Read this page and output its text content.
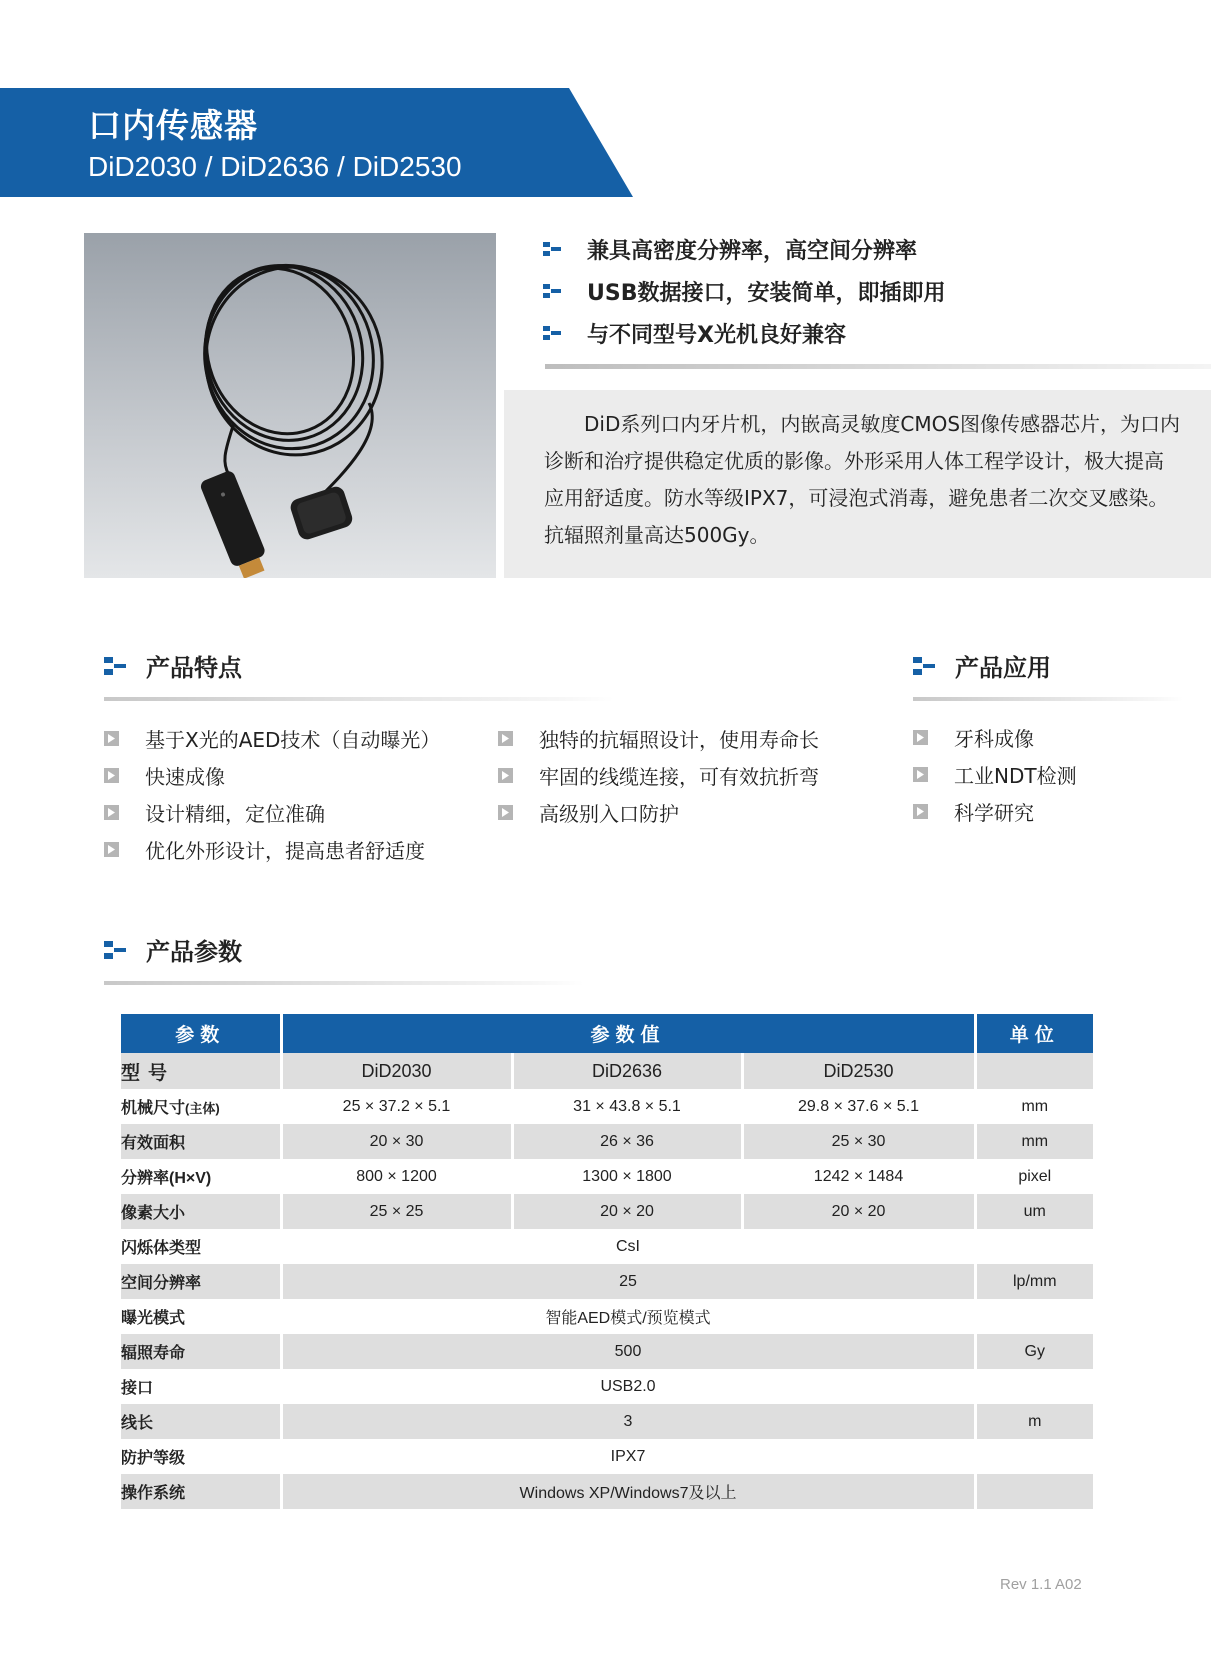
口内传感器
DiD2030 / DiD2636 / DiD2530
兼具高密度分辨率，高空间分辨率
USB数据接口，安装简单，即插即用
与不同型号X光机良好兼容
DiD系列口内牙片机，内嵌高灵敏度CMOS图像传感器芯片，为口内诊断和治疗提供稳定优质的影像。外形采用人体工程学设计，极大提高应用舒适度。防水等级IPX7，可浸泡式消毒，避免患者二次交叉感染。抗辐照剂量高达500Gy。
产品特点	产品应用
基于X光的AED技术（自动曝光）
快速成像
设计精细，定位准确
优化外形设计，提高患者舒适度
独特的抗辐照设计，使用寿命长
牢固的线缆连接，可有效抗折弯
高级别入口防护
牙科成像
工业NDT检测
科学研究
产品参数
参数	参数值			单位
型号	DiD2030	DiD2636	DiD2530	
机械尺寸(主体)	25 × 37.2 × 5.1	31 × 43.8 × 5.1	29.8 × 37.6 × 5.1	mm
有效面积	20 × 30	26 × 36	25 × 30	mm
分辨率(H×V)	800 × 1200	1300 × 1800	1242 × 1484	pixel
像素大小	25 × 25	20 × 20	20 × 20	um
闪烁体类型	CsI			
空间分辨率	25			lp/mm
曝光模式	智能AED模式/预览模式			
辐照寿命	500			Gy
接口	USB2.0			
线长	3			m
防护等级	IPX7			
操作系统	Windows XP/Windows7及以上			
Rev 1.1 A02
